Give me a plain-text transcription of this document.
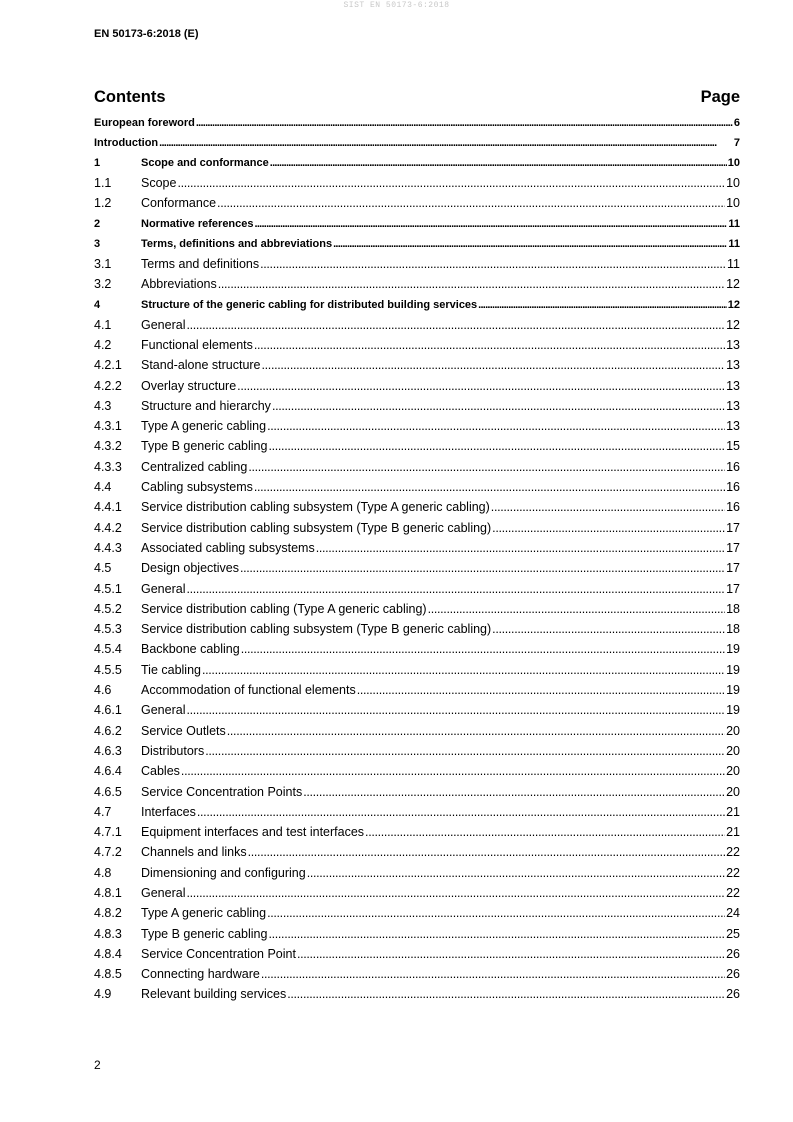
SIST EN 50173-6:2018
EN 50173-6:2018 (E)
Contents	Page
European foreword . . .	6
Introduction . . .	7
1	Scope and conformance . . .	10
1.1	Scope . . .	10
1.2	Conformance . . .	10
2	Normative references . . .	11
3	Terms, definitions and abbreviations . . .	11
3.1	Terms and definitions . . .	11
3.2	Abbreviations . . .	12
4	Structure of the generic cabling for distributed building services . . .	12
4.1	General . . .	12
4.2	Functional elements . . .	13
4.2.1	Stand-alone structure . . .	13
4.2.2	Overlay structure . . .	13
4.3	Structure and hierarchy . . .	13
4.3.1	Type A generic cabling . . .	13
4.3.2	Type B generic cabling . . .	15
4.3.3	Centralized cabling . . .	16
4.4	Cabling subsystems . . .	16
4.4.1	Service distribution cabling subsystem (Type A generic cabling) . . .	16
4.4.2	Service distribution cabling subsystem (Type B generic cabling) . . .	17
4.4.3	Associated cabling subsystems . . .	17
4.5	Design objectives . . .	17
4.5.1	General . . .	17
4.5.2	Service distribution cabling (Type A generic cabling) . . .	18
4.5.3	Service distribution cabling subsystem (Type B generic cabling) . . .	18
4.5.4	Backbone cabling . . .	19
4.5.5	Tie cabling . . .	19
4.6	Accommodation of functional elements . . .	19
4.6.1	General . . .	19
4.6.2	Service Outlets . . .	20
4.6.3	Distributors . . .	20
4.6.4	Cables . . .	20
4.6.5	Service Concentration Points . . .	20
4.7	Interfaces . . .	21
4.7.1	Equipment interfaces and test interfaces . . .	21
4.7.2	Channels and links . . .	22
4.8	Dimensioning and configuring . . .	22
4.8.1	General . . .	22
4.8.2	Type A generic cabling . . .	24
4.8.3	Type B generic cabling . . .	25
4.8.4	Service Concentration Point . . .	26
4.8.5	Connecting hardware . . .	26
4.9	Relevant building services . . .	26
2
